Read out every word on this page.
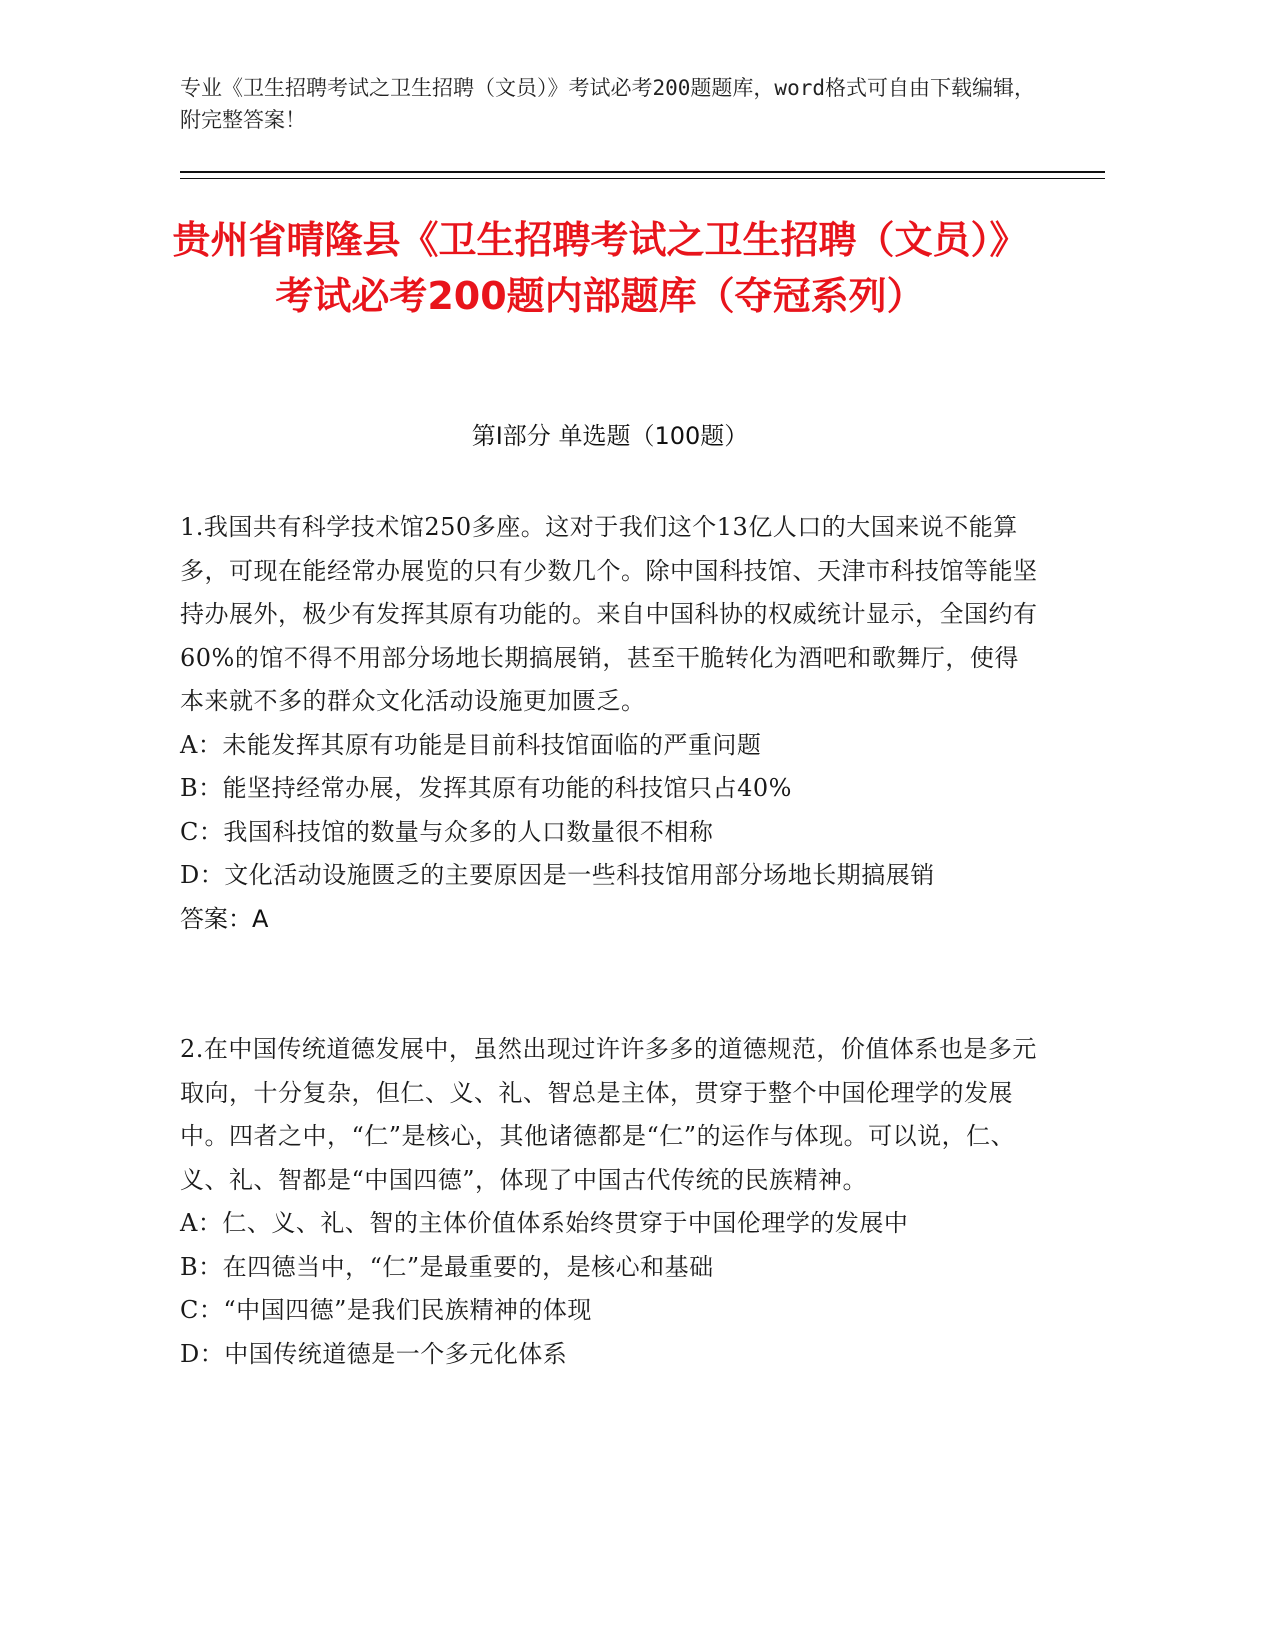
专业《卫生招聘考试之卫生招聘（文员）》考试必考200题题库，word格式可自由下载编辑，附完整答案！
贵州省晴隆县《卫生招聘考试之卫生招聘（文员）》考试必考200题内部题库（夺冠系列）
第I部分 单选题（100题）
1.我国共有科学技术馆250多座。这对于我们这个13亿人口的大国来说不能算多，可现在能经常办展览的只有少数几个。除中国科技馆、天津市科技馆等能坚持办展外，极少有发挥其原有功能的。来自中国科协的权威统计显示，全国约有60%的馆不得不用部分场地长期搞展销，甚至干脆转化为酒吧和歌舞厅，使得本来就不多的群众文化活动设施更加匮乏。
A：未能发挥其原有功能是目前科技馆面临的严重问题
B：能坚持经常办展，发挥其原有功能的科技馆只占40%
C：我国科技馆的数量与众多的人口数量很不相称
D：文化活动设施匮乏的主要原因是一些科技馆用部分场地长期搞展销
答案：A
2.在中国传统道德发展中，虽然出现过许许多多的道德规范，价值体系也是多元取向，十分复杂，但仁、义、礼、智总是主体，贯穿于整个中国伦理学的发展中。四者之中，“仁”是核心，其他诸德都是“仁”的运作与体现。可以说，仁、义、礼、智都是“中国四德”，体现了中国古代传统的民族精神。
A：仁、义、礼、智的主体价值体系始终贯穿于中国伦理学的发展中
B：在四德当中，“仁”是最重要的，是核心和基础
C：“中国四德”是我们民族精神的体现
D：中国传统道德是一个多元化体系
